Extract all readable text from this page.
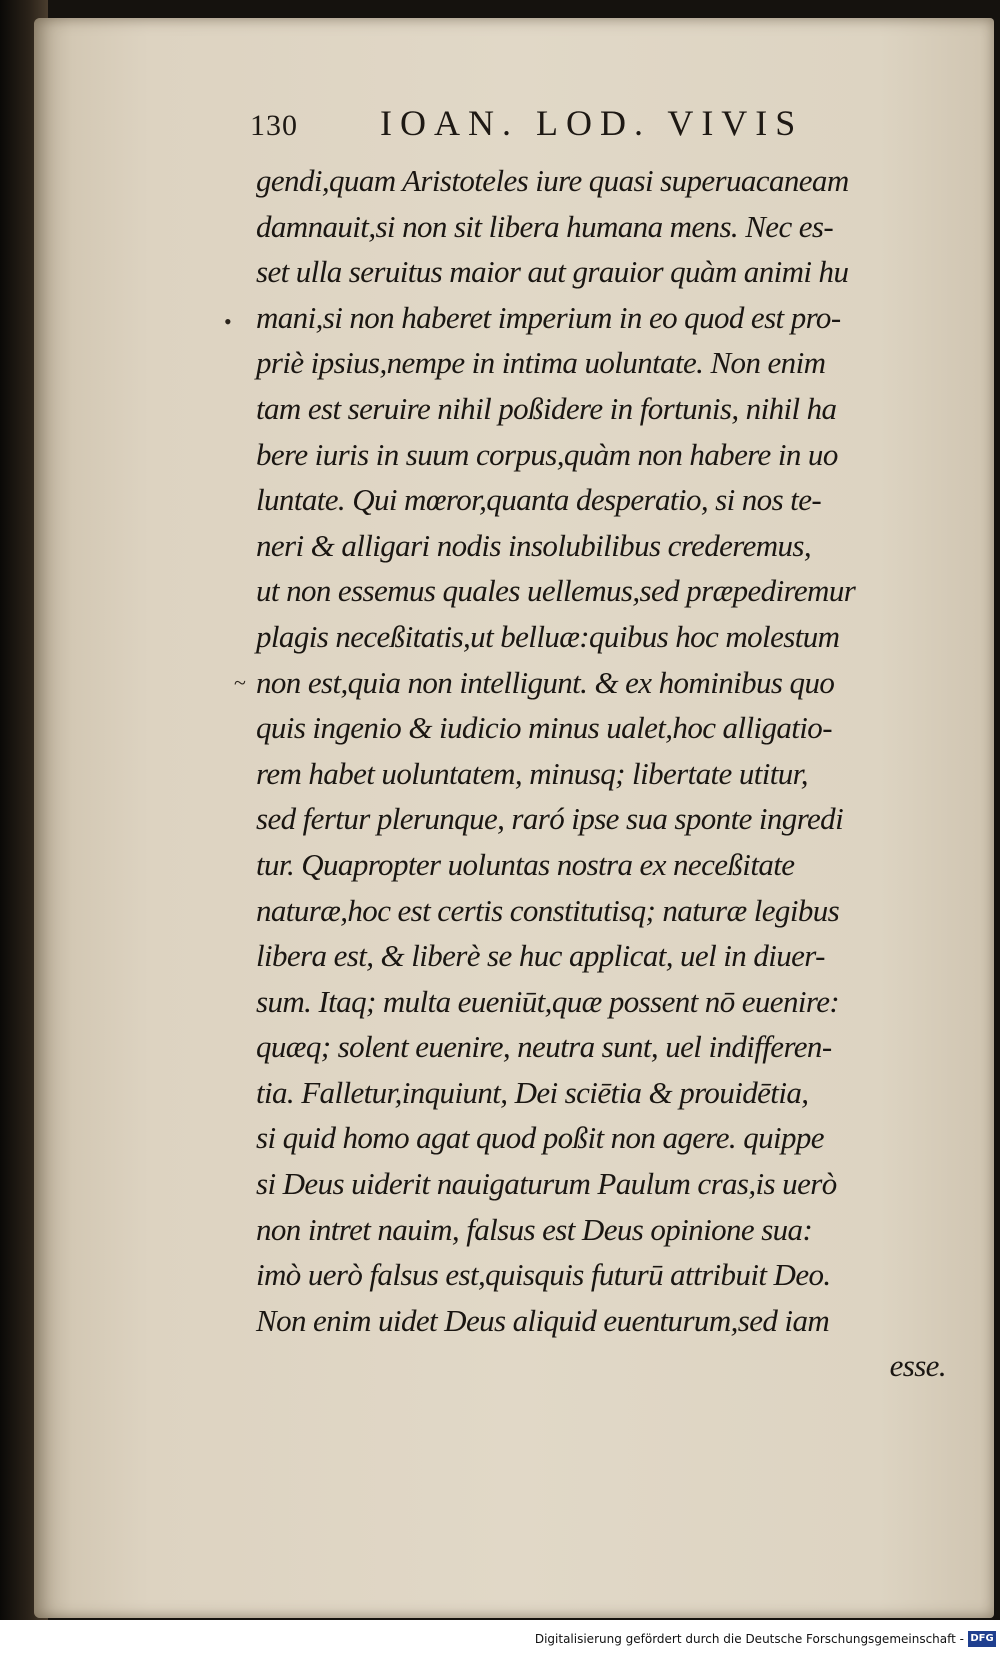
130	IOAN. LOD. VIVIS
•
~
gendi,quam Aristoteles iure quasi superuacaneam
damnauit,si non sit libera humana mens. Nec es-
set ulla seruitus maior aut grauior quàm animi hu
mani,si non haberet imperium in eo quod est pro-
priè ipsius,nempe in intima uoluntate. Non enim
tam est seruire nihil poßidere in fortunis, nihil ha
bere iuris in suum corpus,quàm non habere in uo
luntate. Qui mœror,quanta desperatio, si nos te-
neri & alligari nodis insolubilibus crederemus,
ut non essemus quales uellemus,sed præpediremur
plagis neceßitatis,ut belluæ:quibus hoc molestum
non est,quia non intelligunt. & ex hominibus quo
quis ingenio & iudicio minus ualet,hoc alligatio-
rem habet uoluntatem, minusq; libertate utitur,
sed fertur plerunque, raró ipse sua sponte ingredi
tur. Quapropter uoluntas nostra ex neceßitate
naturæ,hoc est certis constitutisq; naturæ legibus
libera est, & liberè se huc applicat, uel in diuer-
sum. Itaq; multa eueniūt,quæ possent nō euenire:
quæq; solent euenire, neutra sunt, uel indifferen-
tia. Falletur,inquiunt, Dei sciētia & prouidētia,
si quid homo agat quod poßit non agere. quippe
si Deus uiderit nauigaturum Paulum cras,is uerò
non intret nauim, falsus est Deus opinione sua:
imò uerò falsus est,quisquis futurū attribuit Deo.
Non enim uidet Deus aliquid euenturum,sed iam
esse.
Digitalisierung gefördert durch die Deutsche Forschungsgemeinschaft - DFG
